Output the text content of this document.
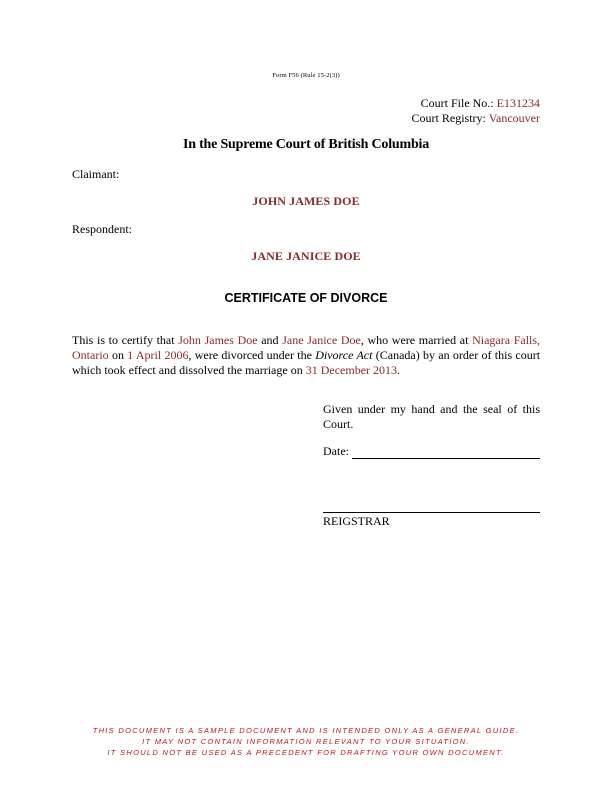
Form F56 (Rule 15-2(3))
Court File No.: E131234
Court Registry: Vancouver
In the Supreme Court of British Columbia
Claimant:
JOHN JAMES DOE
Respondent:
JANE JANICE DOE
CERTIFICATE OF DIVORCE
This is to certify that John James Doe and Jane Janice Doe, who were married at Niagara Falls, Ontario on 1 April 2006, were divorced under the Divorce Act (Canada) by an order of this court which took effect and dissolved the marriage on 31 December 2013.
Given under my hand and the seal of this Court.
Date:
REIGSTRAR
THIS DOCUMENT IS A SAMPLE DOCUMENT AND IS INTENDED ONLY AS A GENERAL GUIDE.
IT MAY NOT CONTAIN INFORMATION RELEVANT TO YOUR SITUATION.
IT SHOULD NOT BE USED AS A PRECEDENT FOR DRAFTING YOUR OWN DOCUMENT.
